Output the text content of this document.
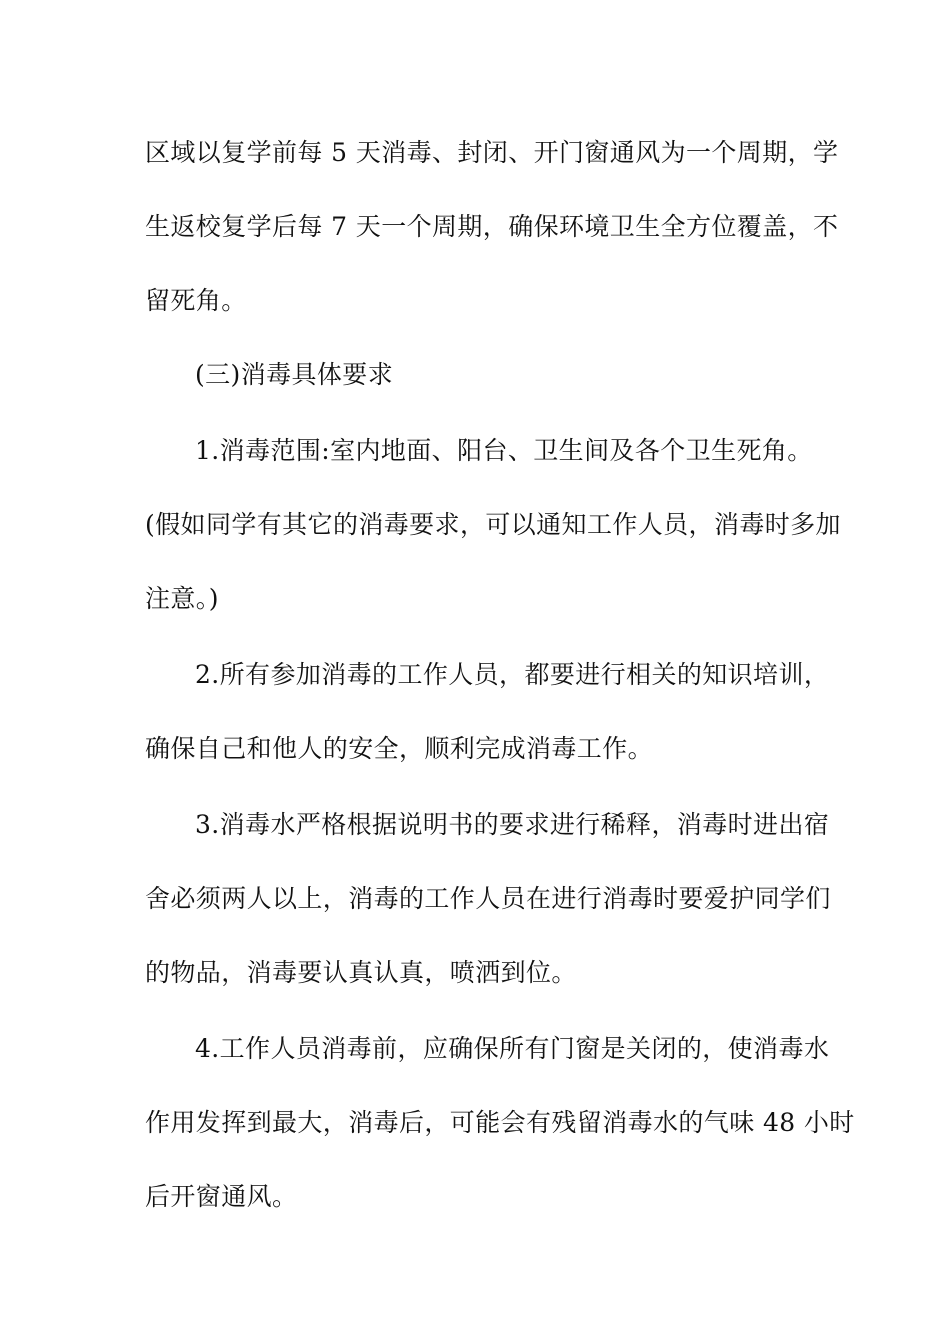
区域以复学前每 5 天消毒、封闭、开门窗通风为一个周期，学
生返校复学后每 7 天一个周期，确保环境卫生全方位覆盖，不
留死角。
(三)消毒具体要求
1.消毒范围:室内地面、阳台、卫生间及各个卫生死角。
(假如同学有其它的消毒要求，可以通知工作人员，消毒时多加
注意。)
2.所有参加消毒的工作人员，都要进行相关的知识培训，
确保自己和他人的安全，顺利完成消毒工作。
3.消毒水严格根据说明书的要求进行稀释，消毒时进出宿
舍必须两人以上，消毒的工作人员在进行消毒时要爱护同学们
的物品，消毒要认真认真，喷洒到位。
4.工作人员消毒前，应确保所有门窗是关闭的，使消毒水
作用发挥到最大，消毒后，可能会有残留消毒水的气味 48 小时
后开窗通风。
